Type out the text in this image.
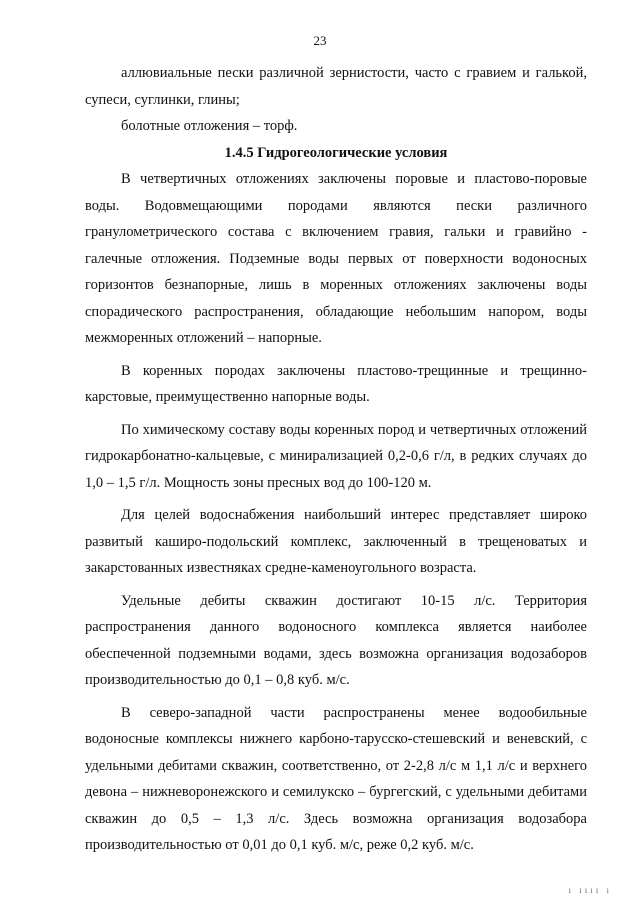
23

аллювиальные пески различной зернистости, часто с гравием и галькой, супеси, суглинки, глины;

болотные отложения – торф.

1.4.5 Гидрогеологические условия

В четвертичных отложениях заключены поровые и пластово-поровые воды. Водовмещающими породами являются пески различного гранулометрического состава с включением гравия, гальки и гравийно - галечные отложения. Подземные воды первых от поверхности водоносных горизонтов безнапорные, лишь в моренных отложениях заключены воды спорадического распространения, обладающие небольшим напором, воды межморенных отложений – напорные.

В коренных породах заключены пластово-трещинные и трещинно-карстовые, преимущественно напорные воды.

По химическому составу воды коренных пород и четвертичных отложений гидрокарбонатно-кальцевые, с минирализацией 0,2-0,6 г/л, в редких случаях до 1,0 – 1,5 г/л. Мощность зоны пресных вод до 100-120 м.

Для целей водоснабжения наибольший интерес представляет широко развитый каширо-подольский комплекс, заключенный в трещеноватых и закарстованных известняках средне-каменоугольного возраста.

Удельные дебиты скважин достигают 10-15 л/с. Территория распространения данного водоносного комплекса является наиболее обеспеченной подземными водами, здесь возможна организация водозаборов производительностью до 0,1 – 0,8 куб. м/с.

В северо-западной части распространены менее водообильные водоносные комплексы нижнего карбоно-тарусско-стешевский и веневский, с удельными дебитами скважин, соответственно, от 2-2,8 л/с м 1,1 л/с и верхнего девона – нижневоронежского и семилукско – бургегский, с удельными дебитами скважин до 0,5 – 1,3 л/с. Здесь возможна организация водозабора производительностью от 0,01 до 0,1 куб. м/с, реже 0,2 куб. м/с.

ı ıııı ı
